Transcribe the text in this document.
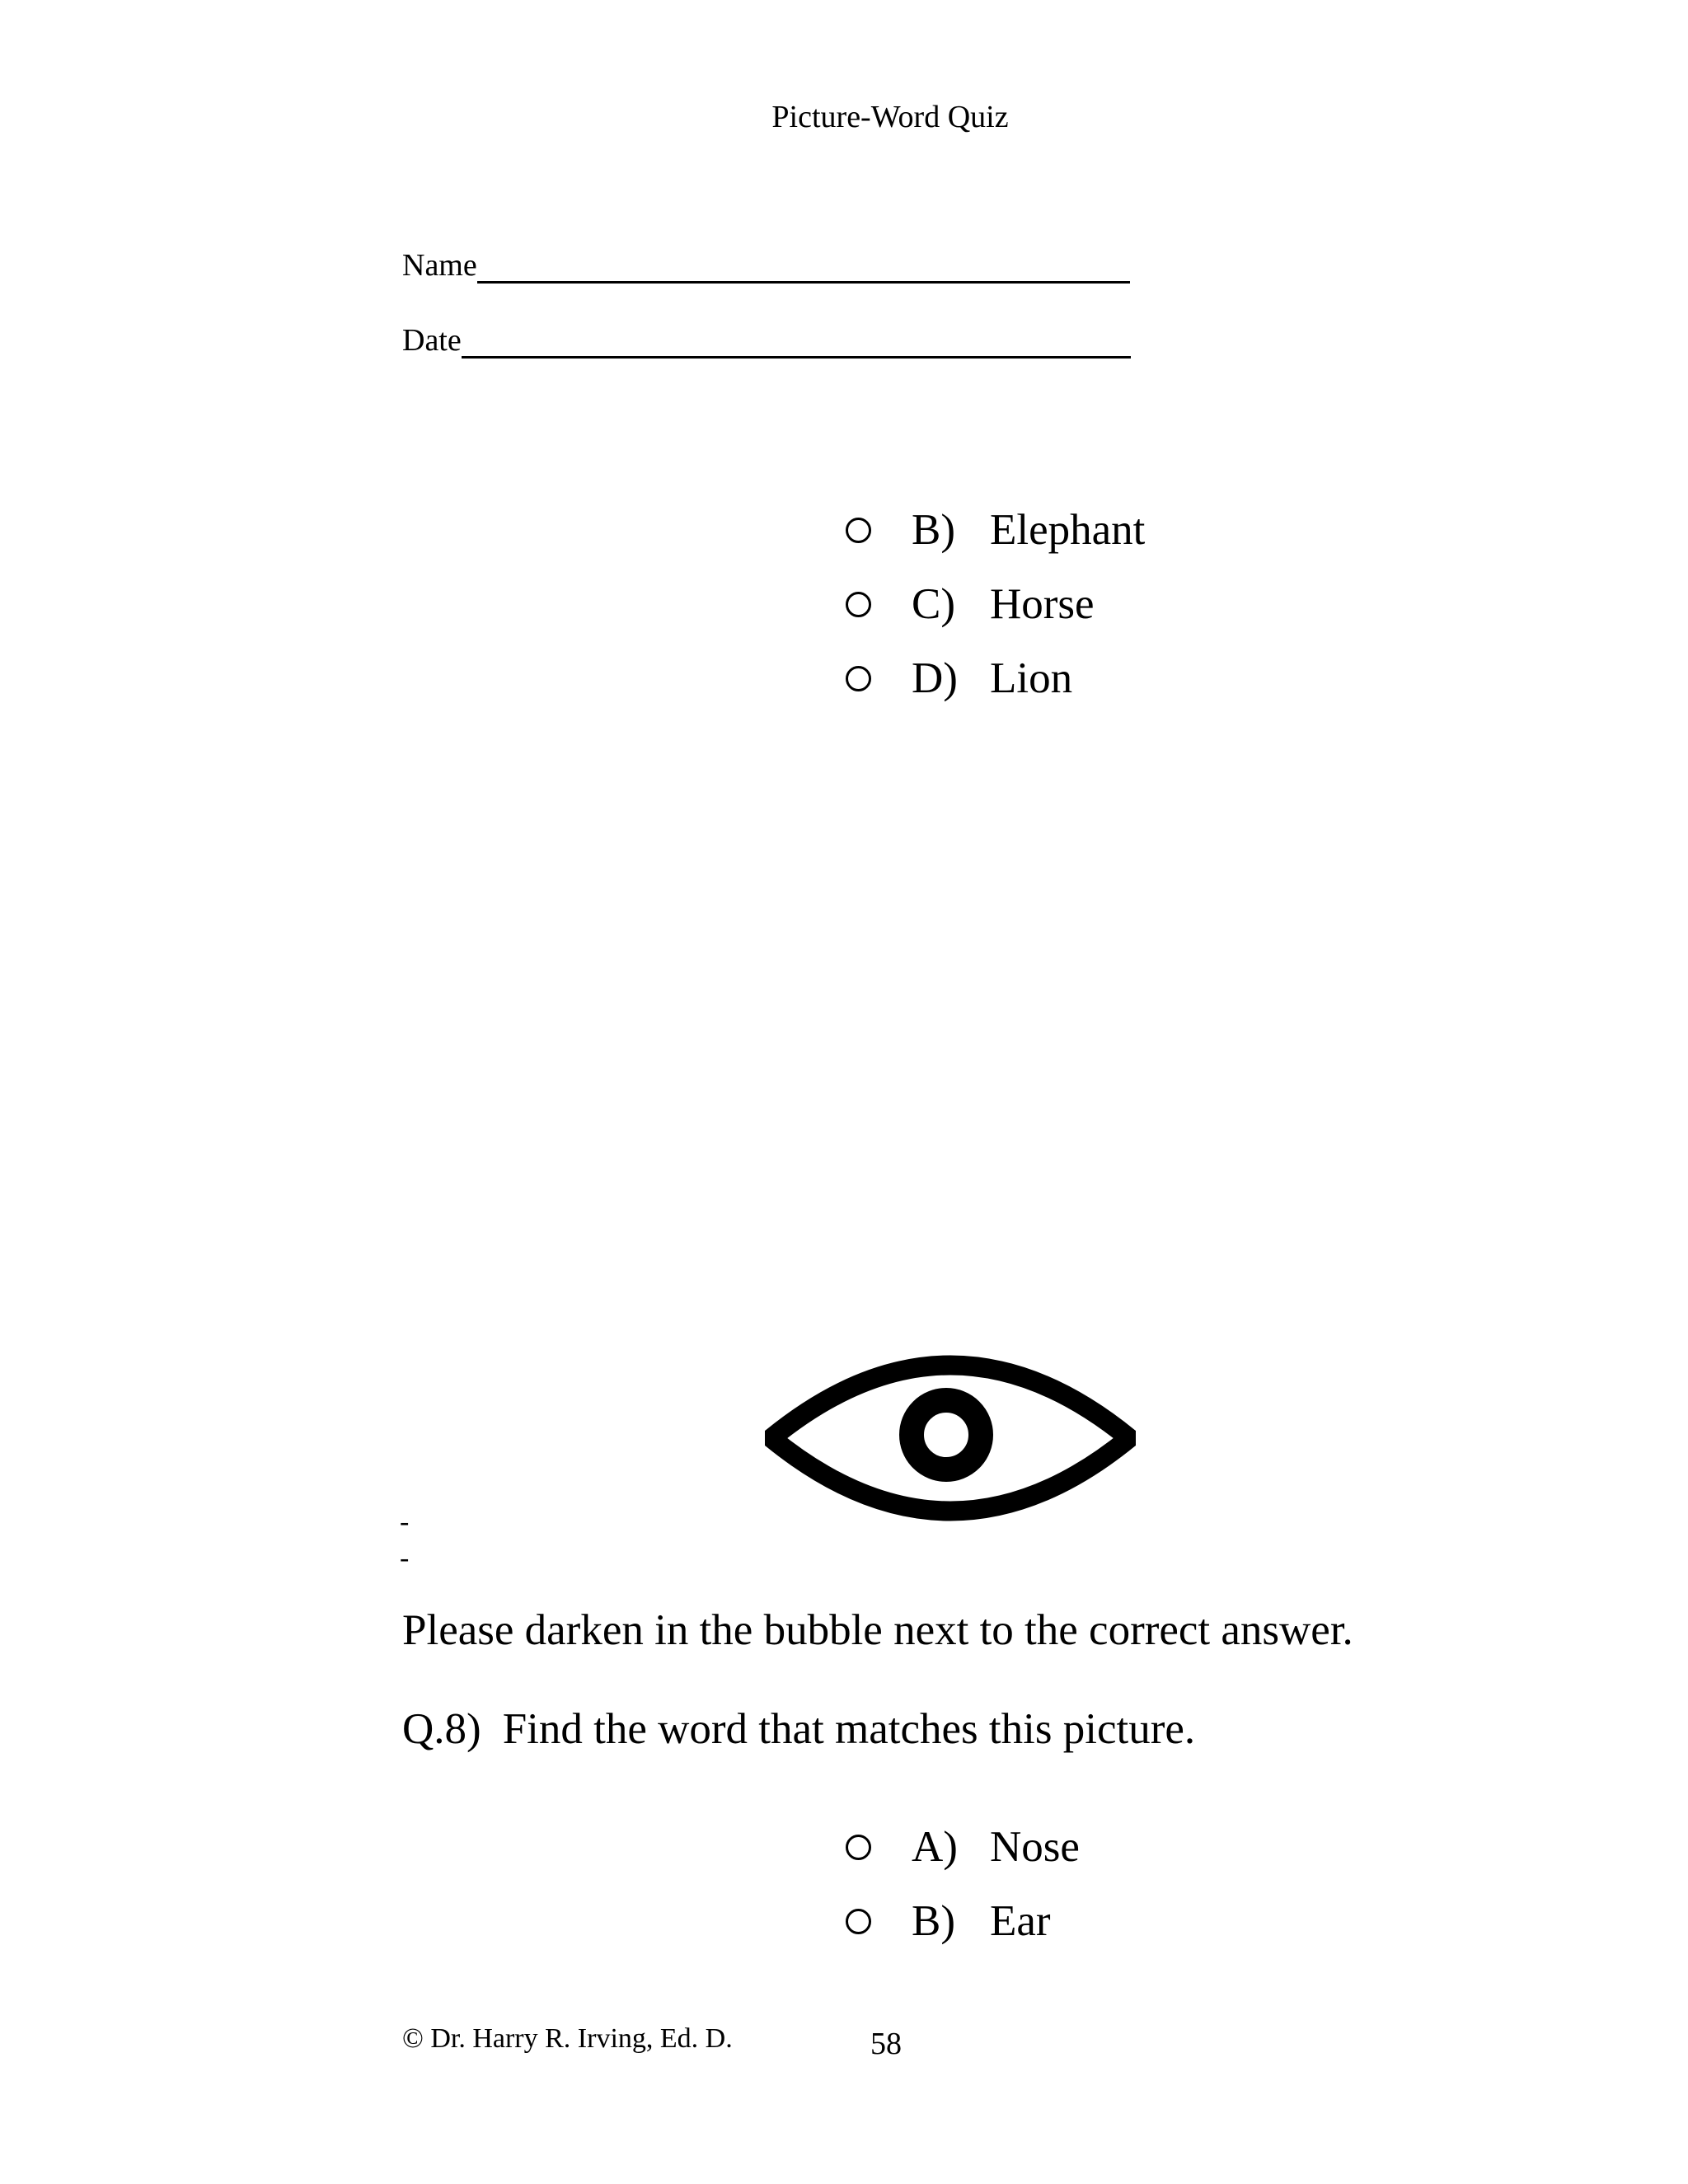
Picture-Word Quiz
Name
Date
B) Elephant
C) Horse
D) Lion
-
-
Please darken in the bubble next to the correct answer.
Q.8) Find the word that matches this picture.
A) Nose
B) Ear
© Dr. Harry R. Irving, Ed. D.	58
